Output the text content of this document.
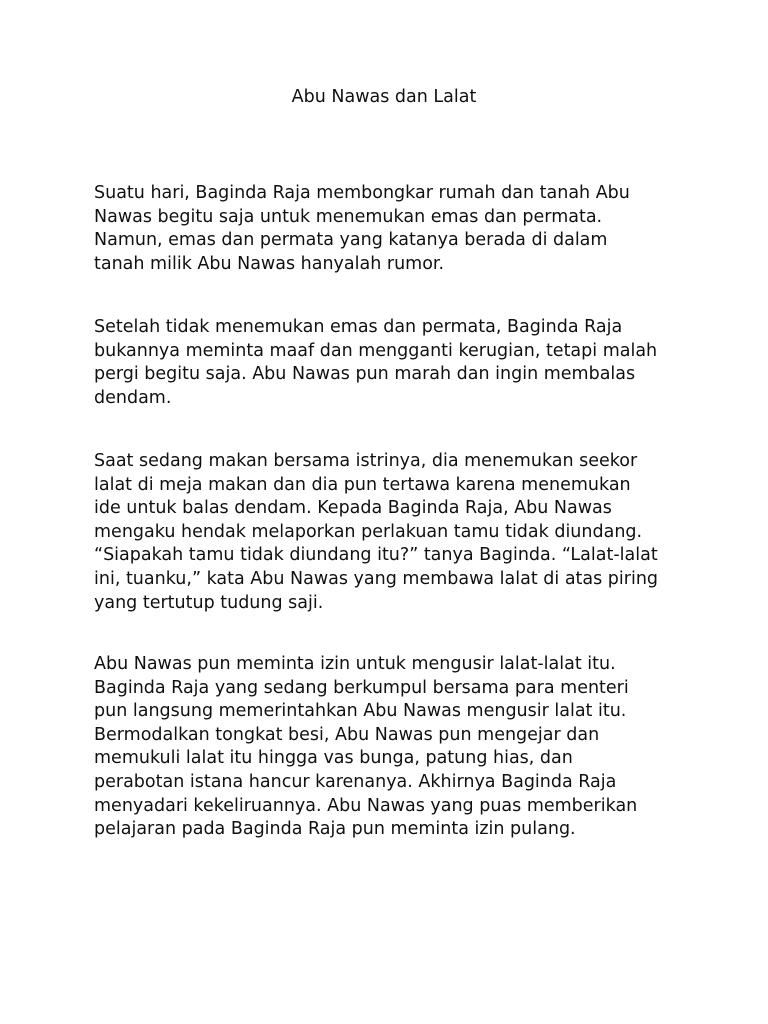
Abu Nawas dan Lalat

Suatu hari, Baginda Raja membongkar rumah dan tanah Abu
Nawas begitu saja untuk menemukan emas dan permata.
Namun, emas dan permata yang katanya berada di dalam
tanah milik Abu Nawas hanyalah rumor.

Setelah tidak menemukan emas dan permata, Baginda Raja
bukannya meminta maaf dan mengganti kerugian, tetapi malah
pergi begitu saja. Abu Nawas pun marah dan ingin membalas
dendam.

Saat sedang makan bersama istrinya, dia menemukan seekor
lalat di meja makan dan dia pun tertawa karena menemukan
ide untuk balas dendam. Kepada Baginda Raja, Abu Nawas
mengaku hendak melaporkan perlakuan tamu tidak diundang.
“Siapakah tamu tidak diundang itu?” tanya Baginda. “Lalat-lalat
ini, tuanku,” kata Abu Nawas yang membawa lalat di atas piring
yang tertutup tudung saji.

Abu Nawas pun meminta izin untuk mengusir lalat-lalat itu.
Baginda Raja yang sedang berkumpul bersama para menteri
pun langsung memerintahkan Abu Nawas mengusir lalat itu.
Bermodalkan tongkat besi, Abu Nawas pun mengejar dan
memukuli lalat itu hingga vas bunga, patung hias, dan
perabotan istana hancur karenanya. Akhirnya Baginda Raja
menyadari kekeliruannya. Abu Nawas yang puas memberikan
pelajaran pada Baginda Raja pun meminta izin pulang.
